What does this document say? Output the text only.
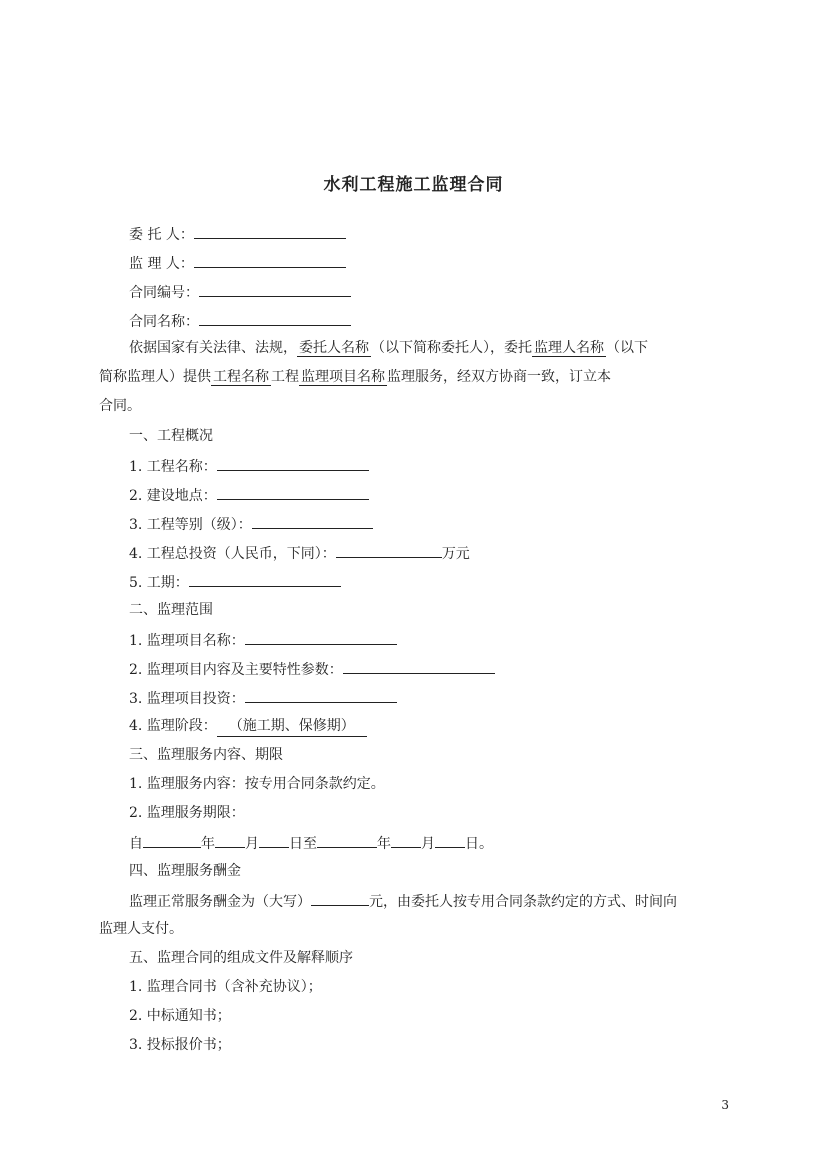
水利工程施工监理合同
委 托 人：
监 理 人：
合同编号：
合同名称：
依据国家有关法律、法规， 委托人名称 （以下简称委托人），委托 监理人名称 （以下
简称监理人）提供 工程名称 工程 监理项目名称 监理服务，经双方协商一致，订立本
合同。
一、工程概况
1. 工程名称：
2. 建设地点：
3. 工程等别（级）：
4. 工程总投资（人民币，下同）：	万元
5. 工期：
二、监理范围
1. 监理项目名称：
2. 监理项目内容及主要特性参数：
3. 监理项目投资：
4. 监理阶段： （施工期、保修期）
三、监理服务内容、期限
1. 监理服务内容：按专用合同条款约定。
2. 监理服务期限：
自	年 月 日至	年 月 日。
四、监理服务酬金
监理正常服务酬金为（大写）	元，由委托人按专用合同条款约定的方式、时间向
监理人支付。
五、监理合同的组成文件及解释顺序
1. 监理合同书（含补充协议）；
2. 中标通知书；
3. 投标报价书；
3
